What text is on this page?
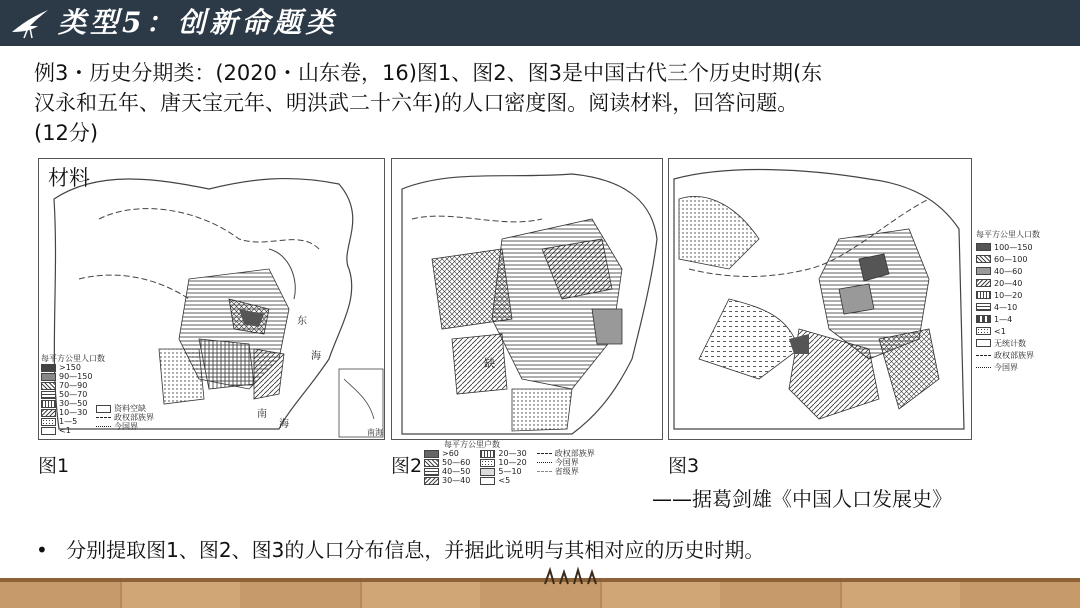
类型5：创新命题类

例3・历史分期类：(2020・山东卷，16)图1、图2、图3是中国古代三个历史时期(东

汉永和五年、唐天宝元年、明洪武二十六年)的人口密度图。阅读材料，回答问题。

(12分)

东
海
南
海
南海
材料
每平方公里人口数
>150
90—150
70—90
50—70
30—50
10—30
1—5
<1
资料空缺
政权部族界
今国界
缺
每平方公里户数
>60
50—60
40—50
30—40
20—30
10—20
5—10
<5
政权部族界
今国界
省级界
每平方公里人口数
100—150
60—100
40—60
20—40
10—20
4—10
1—4
<1
无统计数
政权部族界
今国界
图1	图2	图3
——据葛剑雄《中国人口发展史》
• 分别提取图1、图2、图3的人口分布信息，并据此说明与其相对应的历史时期。
